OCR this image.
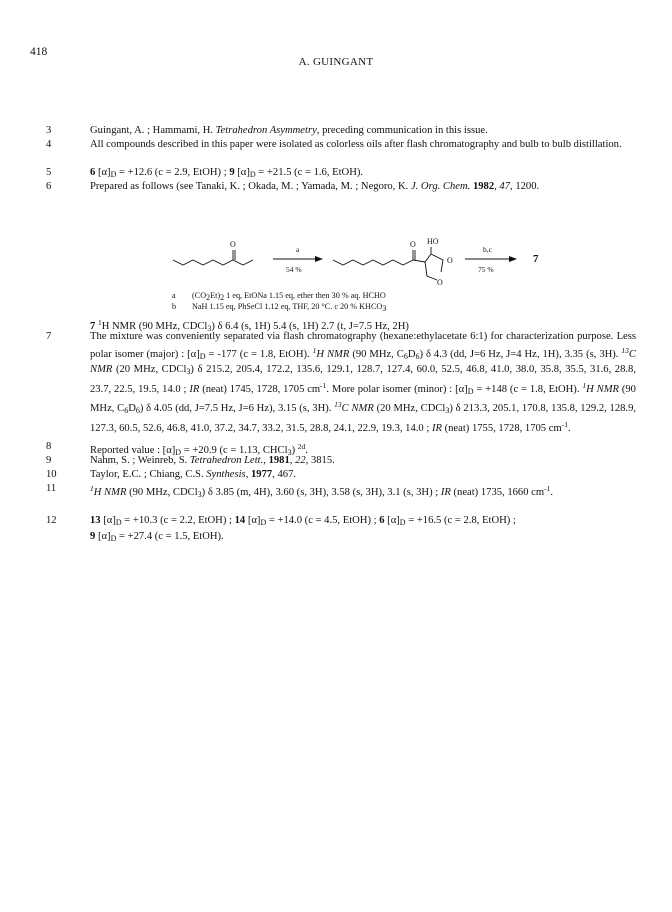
418
A. GUINGANT
3	Guingant, A. ; Hammami, H. Tetrahedron Asymmetry, preceding communication in this issue.
4	All compounds described in this paper were isolated as colorless oils after flash chromatography and bulb to bulb distillation.
5	6 $[\alpha]_D = +12.6$ (c = 2.9, EtOH) ; 9 $[\alpha]_D = +21.5$ (c = 1.6, EtOH).
6	Prepared as follows (see Tanaki, K. ; Okada, M. ; Yamada, M. ; Negoro, K. J. Org. Chem. 1982, 47, 1200.
O
a
54 %
O HO
O
O
b,c
75 %
7
a (CO2Et)2 1 eq, EtONa 1.15 eq, ether then 30 % aq. HCHO
b NaH 1.15 eq, PhSeCl 1.12 eq, THF, 20 °C. c 20 % KHCO3
7 $^1$H NMR (90 MHz, CDCl$_3$) δ 6.4 (s, 1H) 5.4 (s, 1H) 2.7 (t, J=7.5 Hz, 2H)
7	The mixture was conveniently separated via flash chromatography (hexane:ethylacetate 6:1) for characterization purpose. Less polar isomer (major) : $[\alpha]_D = -177$ (c = 1.8, EtOH). $^1$H NMR (90 MHz, $C_6D_6$) δ 4.3 (dd, J=6 Hz, J=4 Hz, 1H), 3.35 (s, 3H). $^{13}$C NMR (20 MHz, CDCl$_3$) δ 215.2, 205.4, 172.2, 135.6, 129.1, 128.7, 127.4, 60.0, 52.5, 46.8, 41.0, 38.0, 35.8, 35.5, 31.6, 28.8, 23.7, 22.5, 19.5, 14.0 ; IR (neat) 1745, 1728, 1705 $cm^{-1}$. More polar isomer (minor) : $[\alpha]_D = +148$ (c = 1.8, EtOH). $^1$H NMR (90 MHz, $C_6D_6$) δ 4.05 (dd, J=7.5 Hz, J=6 Hz), 3.15 (s, 3H). $^{13}$C NMR (20 MHz, CDCl$_3$) δ 213.3, 205.1, 170.8, 135.8, 129.2, 128.9, 127.3, 60.5, 52.6, 46.8, 41.0, 37.2, 34.7, 33.2, 31.5, 28.8, 24.1, 22.9, 19.3, 14.0 ; IR (neat) 1755, 1728, 1705 $cm^{-1}$.
8	Reported value : $[\alpha]_D = +20.9$ (c = 1.13, CHCl$_3$) $^{2d}$.
9	Nahm, S. ; Weinreb, S. Tetrahedron Lett., 1981, 22, 3815.
10	Taylor, E.C. ; Chiang, C.S. Synthesis, 1977, 467.
11	$^1$H NMR (90 MHz, CDCl$_3$) δ 3.85 (m, 4H), 3.60 (s, 3H), 3.58 (s, 3H), 3.1 (s, 3H) ; IR (neat) 1735, 1660 $cm^{-1}$.
12	13 $[\alpha]_D = +10.3$ (c = 2.2, EtOH) ; 14 $[\alpha]_D = +14.0$ (c = 4.5, EtOH) ; 6 $[\alpha]_D = +16.5$ (c = 2.8, EtOH) ;
9 $[\alpha]_D = +27.4$ (c = 1.5, EtOH).
